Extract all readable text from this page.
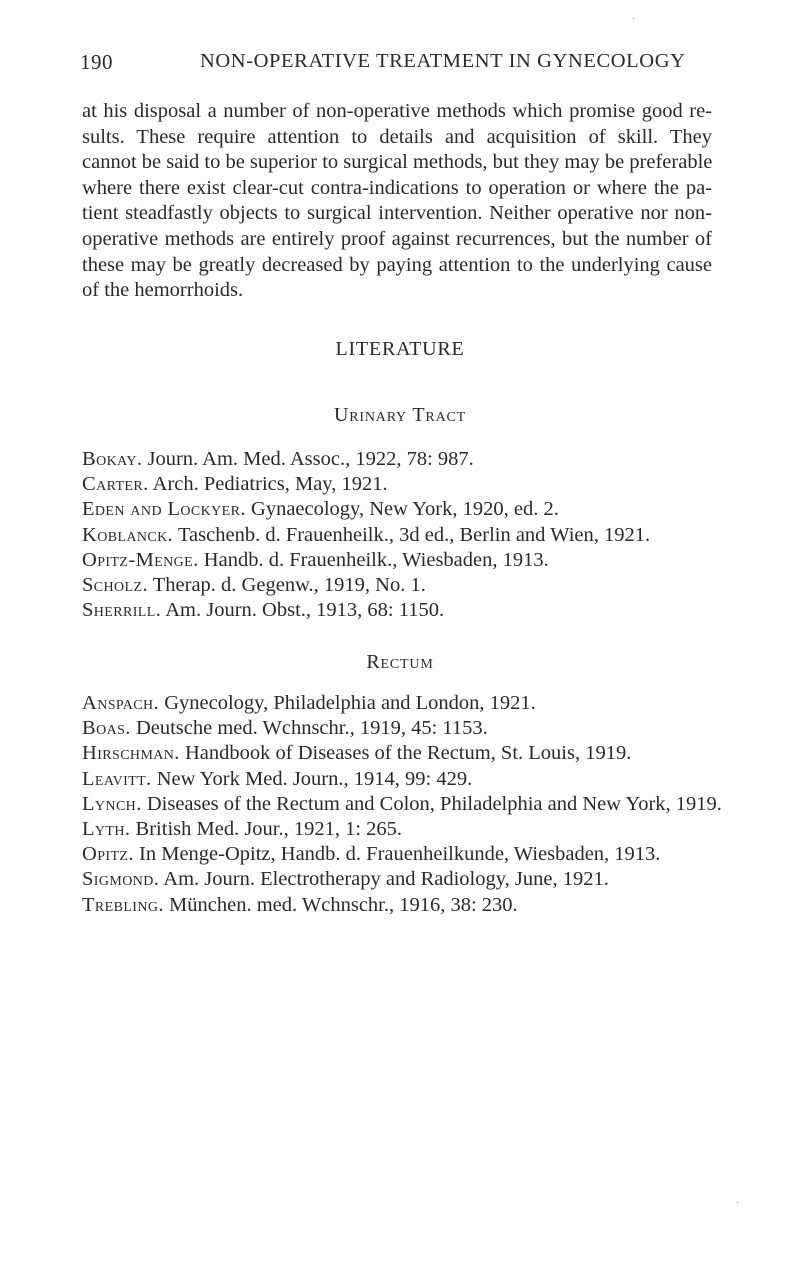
190	NON-OPERATIVE TREATMENT IN GYNECOLOGY

at his disposal a number of non-operative methods which promise good re-
sults. These require attention to details and acquisition of skill. They
cannot be said to be superior to surgical methods, but they may be preferable
where there exist clear-cut contra-indications to operation or where the pa-
tient steadfastly objects to surgical intervention. Neither operative nor non-
operative methods are entirely proof against recurrences, but the number of
these may be greatly decreased by paying attention to the underlying cause
of the hemorrhoids.

LITERATURE
Urinary Tract
Bokay. Journ. Am. Med. Assoc., 1922, 78: 987.
Carter. Arch. Pediatrics, May, 1921.
Eden and Lockyer. Gynaecology, New York, 1920, ed. 2.
Koblanck. Taschenb. d. Frauenheilk., 3d ed., Berlin and Wien, 1921.
Opitz-Menge. Handb. d. Frauenheilk., Wiesbaden, 1913.
Scholz. Therap. d. Gegenw., 1919, No. 1.
Sherrill. Am. Journ. Obst., 1913, 68: 1150.
Rectum
Anspach. Gynecology, Philadelphia and London, 1921.
Boas. Deutsche med. Wchnschr., 1919, 45: 1153.
Hirschman. Handbook of Diseases of the Rectum, St. Louis, 1919.
Leavitt. New York Med. Journ., 1914, 99: 429.
Lynch. Diseases of the Rectum and Colon, Philadelphia and New York, 1919.
Lyth. British Med. Jour., 1921, 1: 265.
Opitz. In Menge-Opitz, Handb. d. Frauenheilkunde, Wiesbaden, 1913.
Sigmond. Am. Journ. Electrotherapy and Radiology, June, 1921.
Trebling. München. med. Wchnschr., 1916, 38: 230.
·
·
